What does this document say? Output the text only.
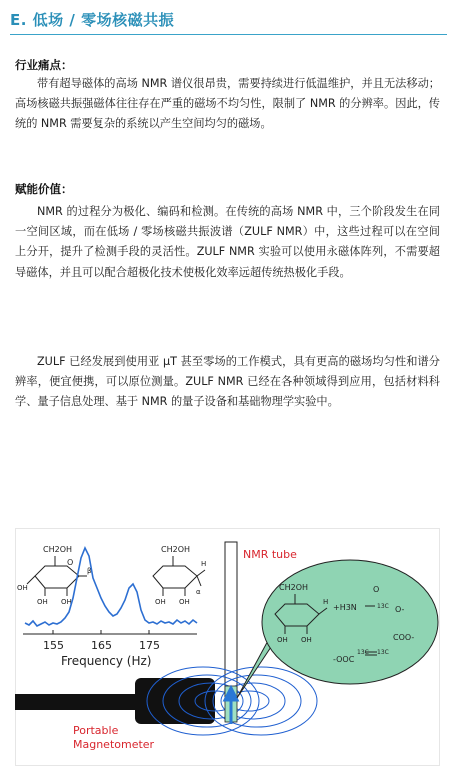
E. 低场 / 零场核磁共振
行业痛点：
带有超导磁体的高场 NMR 谱仪很昂贵，需要持续进行低温维护，并且无法移动；高场核磁共振强磁体往往存在严重的磁场不均匀性，限制了 NMR 的分辨率。因此，传统的 NMR 需要复杂的系统以产生空间均匀的磁场。
赋能价值：
NMR 的过程分为极化、编码和检测。在传统的高场 NMR 中，三个阶段发生在同一空间区域，而在低场 / 零场核磁共振波谱（ZULF NMR）中，这些过程可以在空间上分开，提升了检测手段的灵活性。ZULF NMR 实验可以使用永磁体阵列，不需要超导磁体，并且可以配合超极化技术使极化效率远超传统热极化手段。
ZULF 已经发展到使用亚 μT 甚至零场的工作模式，具有更高的磁场均匀性和谱分辨率，便宜便携，可以原位测量。ZULF NMR 已经在各种领域得到应用，包括材料科学、量子信息处理、基于 NMR 的量子设备和基础物理学实验中。
CH2OH
O
OH
OH OH
β
CH2OH
H
α
OH OH
155 165 175
Frequency (Hz)
NMR tube
Portable
Magnetometer
CH2OH
H
OH OH
+H3N
O
13C O-
-OOC
13C 13C
COO-
